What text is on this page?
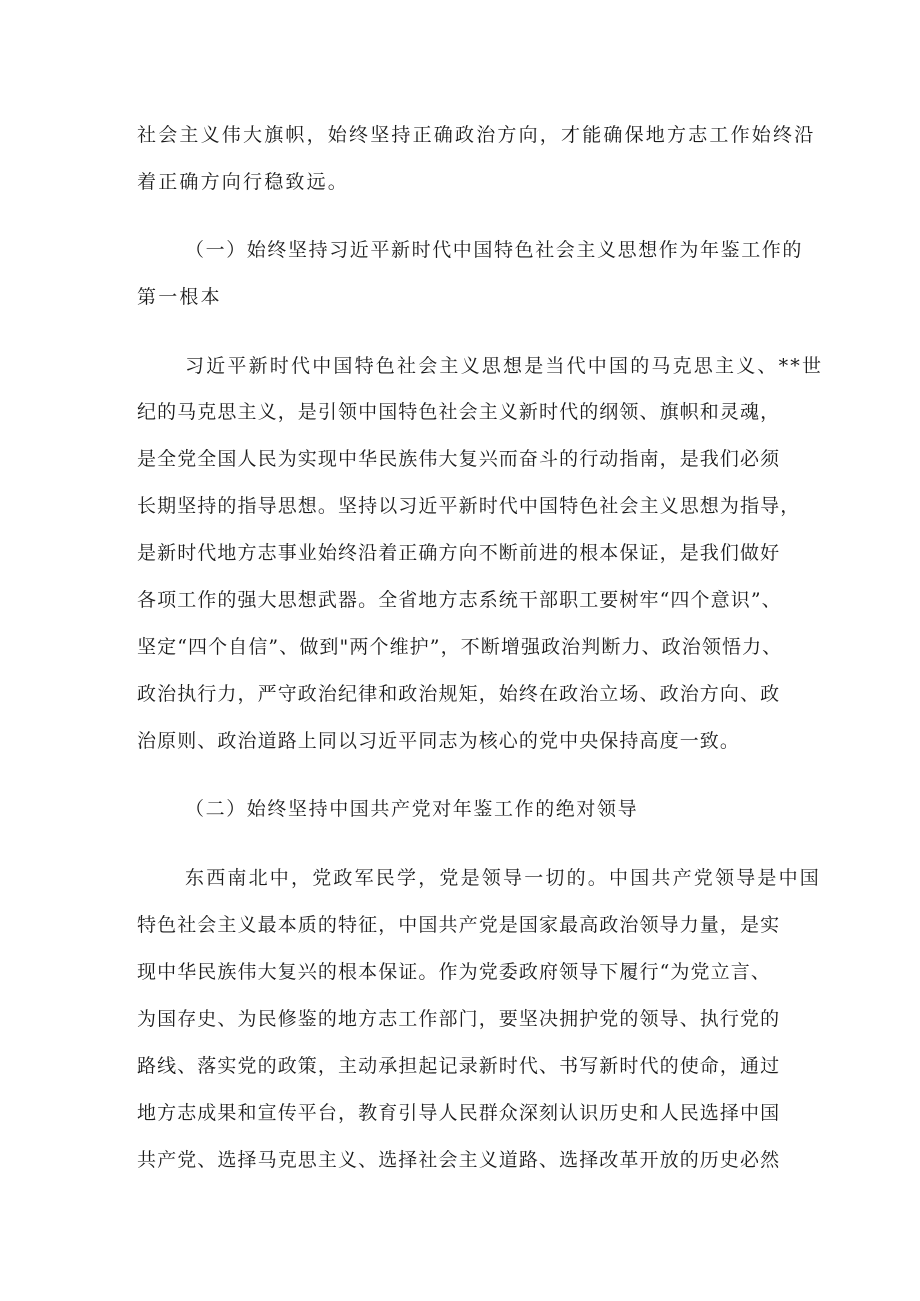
社会主义伟大旗帜，始终坚持正确政治方向，才能确保地方志工作始终沿
着正确方向行稳致远。
（一）始终坚持习近平新时代中国特色社会主义思想作为年鉴工作的
第一根本
习近平新时代中国特色社会主义思想是当代中国的马克思主义、**世
纪的马克思主义，是引领中国特色社会主义新时代的纲领、旗帜和灵魂，
是全党全国人民为实现中华民族伟大复兴而奋斗的行动指南，是我们必须
长期坚持的指导思想。坚持以习近平新时代中国特色社会主义思想为指导，
是新时代地方志事业始终沿着正确方向不断前进的根本保证，是我们做好
各项工作的强大思想武器。全省地方志系统干部职工要树牢“四个意识”、
坚定“四个自信”、做到"两个维护”，不断增强政治判断力、政治领悟力、
政治执行力，严守政治纪律和政治规矩，始终在政治立场、政治方向、政
治原则、政治道路上同以习近平同志为核心的党中央保持高度一致。
（二）始终坚持中国共产党对年鉴工作的绝对领导
东西南北中，党政军民学，党是领导一切的。中国共产党领导是中国
特色社会主义最本质的特征，中国共产党是国家最高政治领导力量，是实
现中华民族伟大复兴的根本保证。作为党委政府领导下履行“为党立言、
为国存史、为民修鉴的地方志工作部门，要坚决拥护党的领导、执行党的
路线、落实党的政策，主动承担起记录新时代、书写新时代的使命，通过
地方志成果和宣传平台，教育引导人民群众深刻认识历史和人民选择中国
共产党、选择马克思主义、选择社会主义道路、选择改革开放的历史必然
